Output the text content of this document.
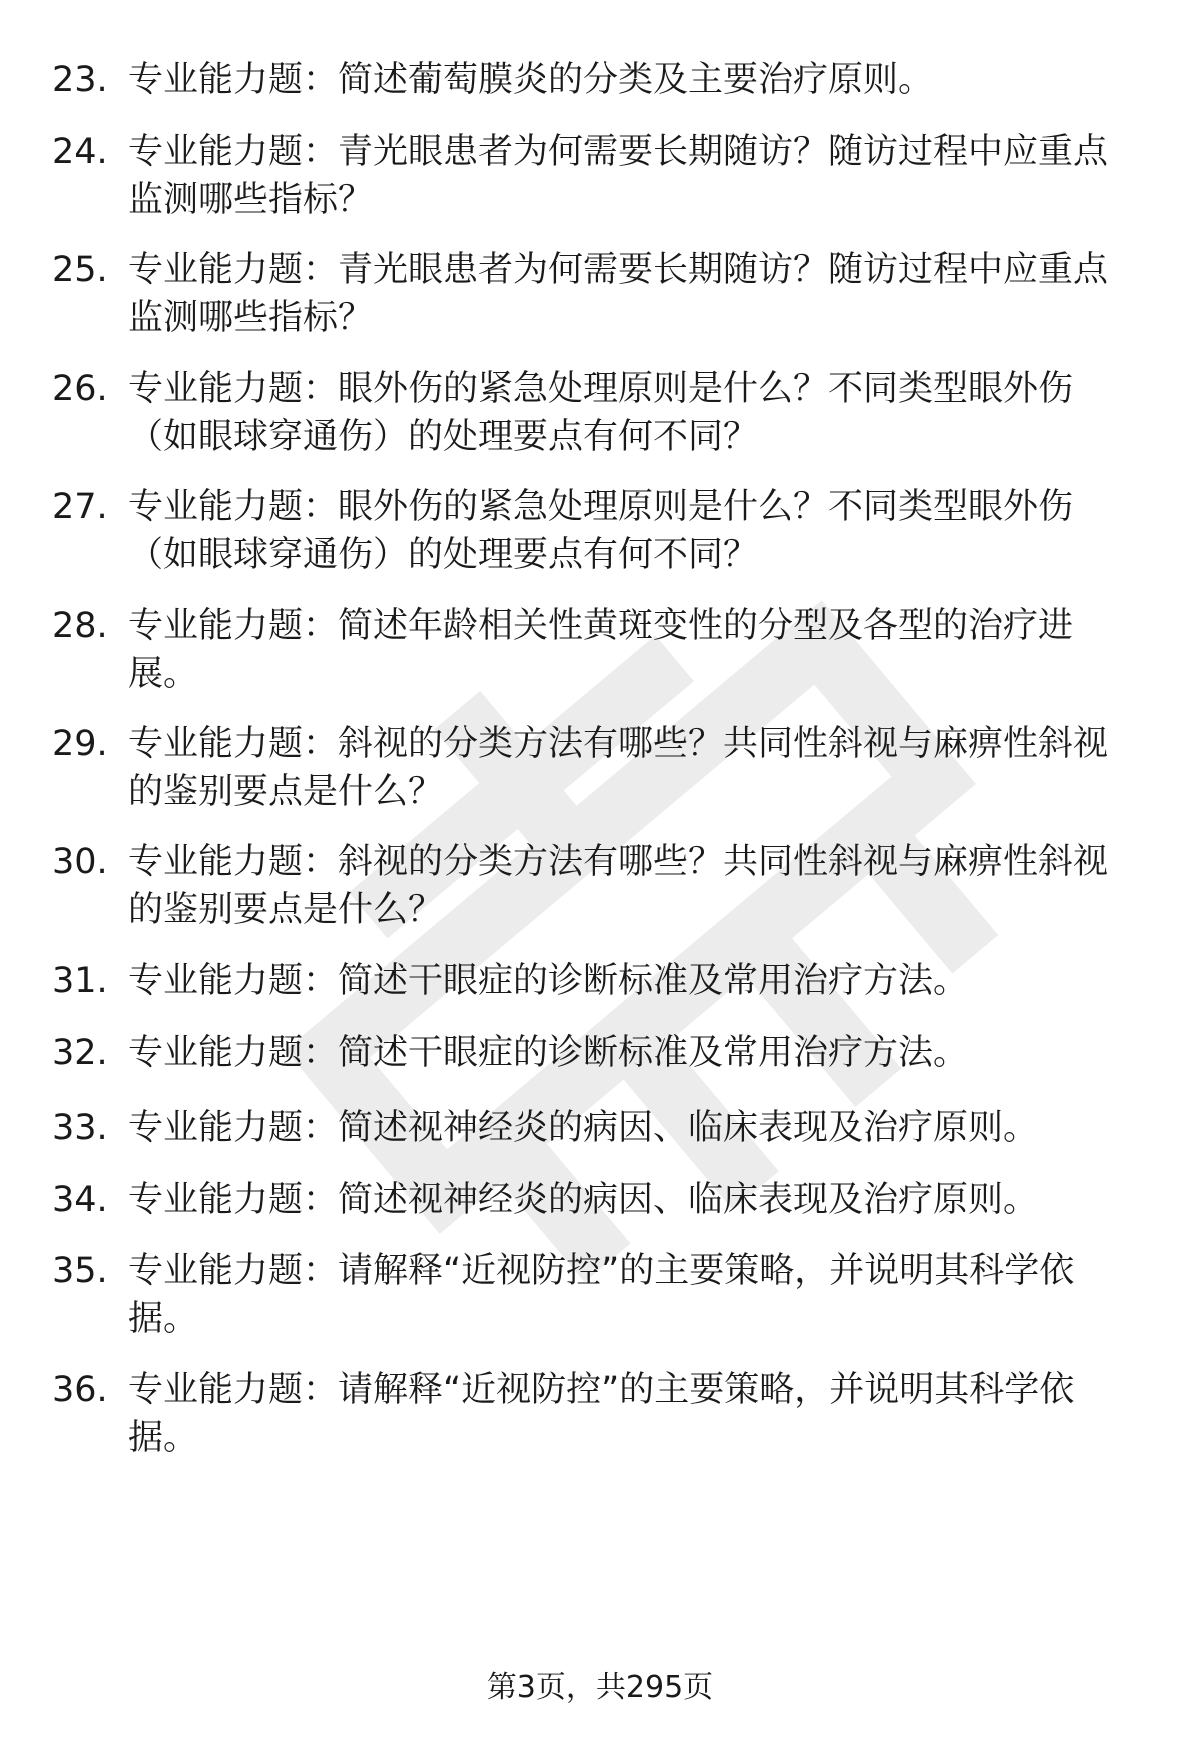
23. 专业能力题：简述葡萄膜炎的分类及主要治疗原则。
24. 专业能力题：青光眼患者为何需要长期随访？随访过程中应重点监测哪些指标？
25. 专业能力题：青光眼患者为何需要长期随访？随访过程中应重点监测哪些指标？
26. 专业能力题：眼外伤的紧急处理原则是什么？不同类型眼外伤（如眼球穿通伤）的处理要点有何不同？
27. 专业能力题：眼外伤的紧急处理原则是什么？不同类型眼外伤（如眼球穿通伤）的处理要点有何不同？
28. 专业能力题：简述年龄相关性黄斑变性的分型及各型的治疗进展。
29. 专业能力题：斜视的分类方法有哪些？共同性斜视与麻痹性斜视的鉴别要点是什么？
30. 专业能力题：斜视的分类方法有哪些？共同性斜视与麻痹性斜视的鉴别要点是什么？
31. 专业能力题：简述干眼症的诊断标准及常用治疗方法。
32. 专业能力题：简述干眼症的诊断标准及常用治疗方法。
33. 专业能力题：简述视神经炎的病因、临床表现及治疗原则。
34. 专业能力题：简述视神经炎的病因、临床表现及治疗原则。
35. 专业能力题：请解释“近视防控”的主要策略，并说明其科学依据。
36. 专业能力题：请解释“近视防控”的主要策略，并说明其科学依据。
第3页，共295页
